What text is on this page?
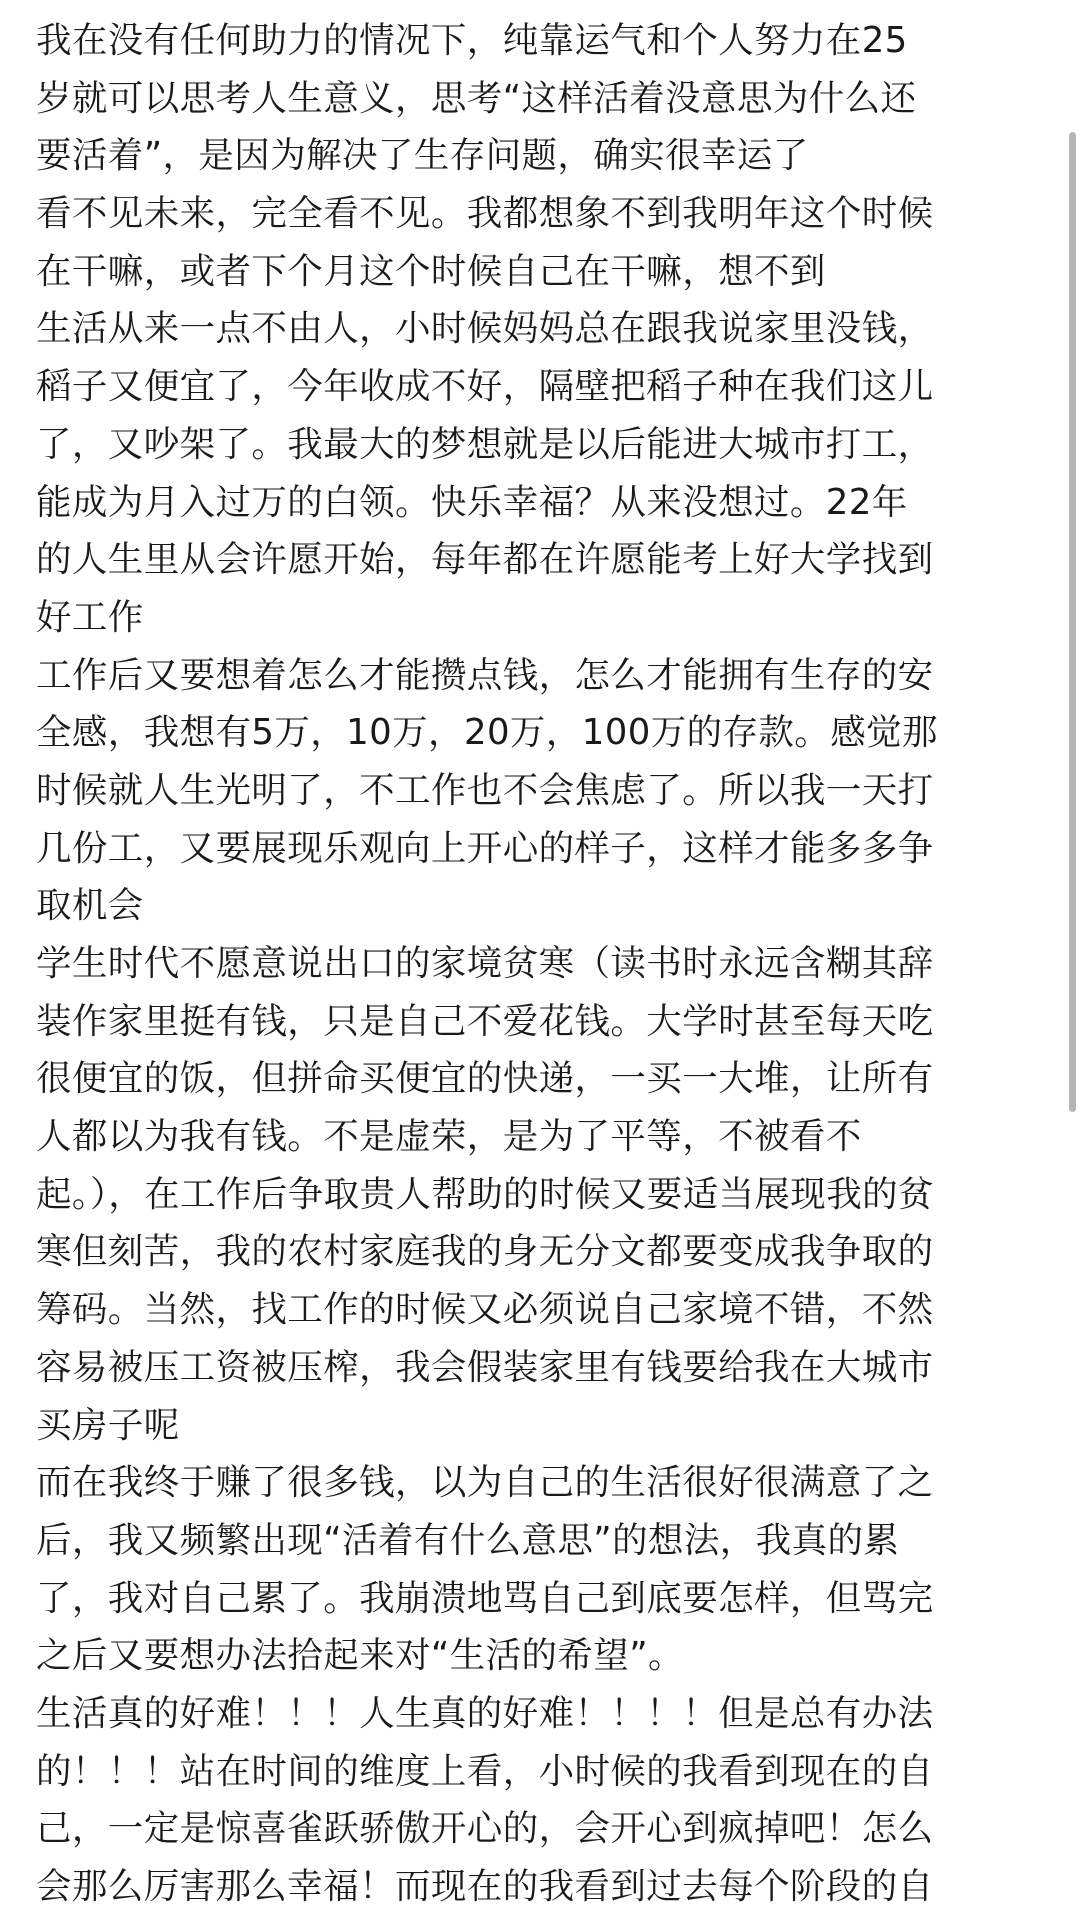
我在没有任何助力的情况下，纯靠运气和个人努力在25
岁就可以思考人生意义，思考“这样活着没意思为什么还
要活着”，是因为解决了生存问题，确实很幸运了
看不见未来，完全看不见。我都想象不到我明年这个时候
在干嘛，或者下个月这个时候自己在干嘛，想不到
生活从来一点不由人，小时候妈妈总在跟我说家里没钱，
稻子又便宜了，今年收成不好，隔壁把稻子种在我们这儿
了，又吵架了。我最大的梦想就是以后能进大城市打工，
能成为月入过万的白领。快乐幸福？从来没想过。22年
的人生里从会许愿开始，每年都在许愿能考上好大学找到
好工作
工作后又要想着怎么才能攒点钱，怎么才能拥有生存的安
全感，我想有5万，10万，20万，100万的存款。感觉那
时候就人生光明了，不工作也不会焦虑了。所以我一天打
几份工，又要展现乐观向上开心的样子，这样才能多多争
取机会
学生时代不愿意说出口的家境贫寒（读书时永远含糊其辞
装作家里挺有钱，只是自己不爱花钱。大学时甚至每天吃
很便宜的饭，但拼命买便宜的快递，一买一大堆，让所有
人都以为我有钱。不是虚荣，是为了平等，不被看不
起。），在工作后争取贵人帮助的时候又要适当展现我的贫
寒但刻苦，我的农村家庭我的身无分文都要变成我争取的
筹码。当然，找工作的时候又必须说自己家境不错，不然
容易被压工资被压榨，我会假装家里有钱要给我在大城市
买房子呢
而在我终于赚了很多钱，以为自己的生活很好很满意了之
后，我又频繁出现“活着有什么意思”的想法，我真的累
了，我对自己累了。我崩溃地骂自己到底要怎样，但骂完
之后又要想办法拾起来对“生活的希望”。
生活真的好难！！！人生真的好难！！！！但是总有办法
的！！！站在时间的维度上看，小时候的我看到现在的自
己，一定是惊喜雀跃骄傲开心的，会开心到疯掉吧！怎么
会那么厉害那么幸福！而现在的我看到过去每个阶段的自
